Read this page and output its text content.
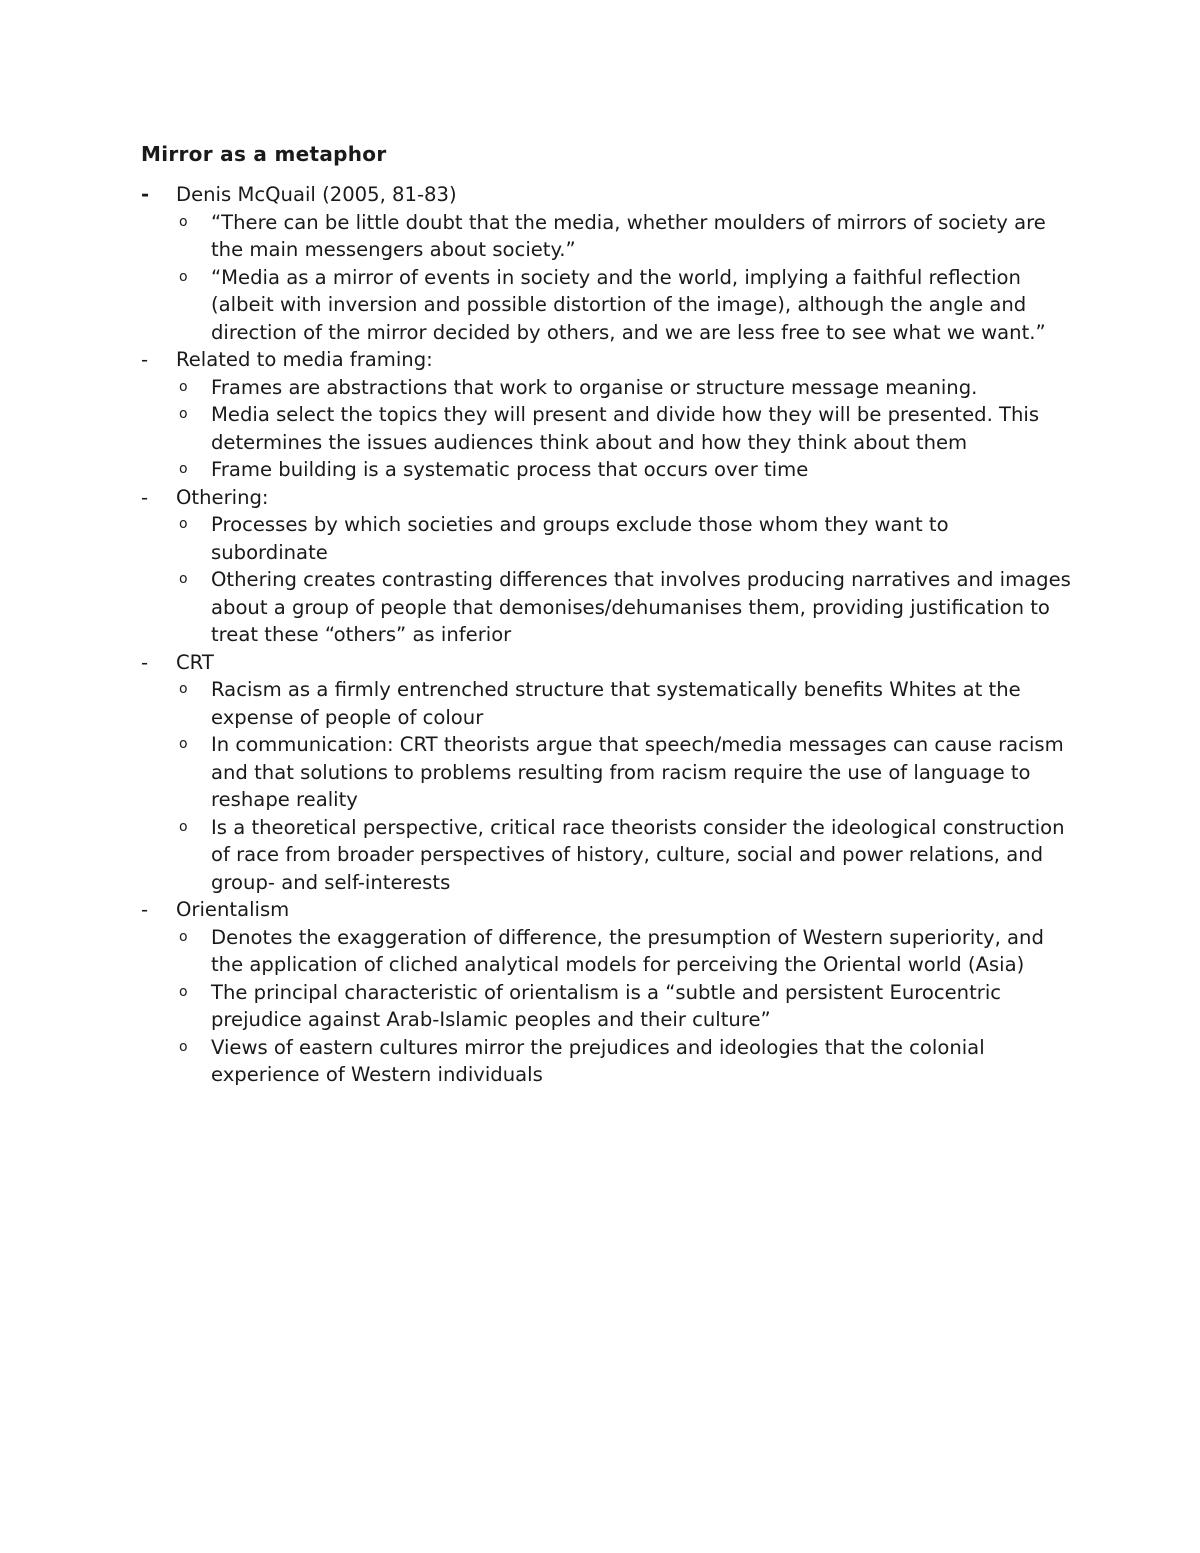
Mirror as a metaphor
-	Denis McQuail (2005, 81-83)
o “There can be little doubt that the media, whether moulders of mirrors of society are the main messengers about society.”
o “Media as a mirror of events in society and the world, implying a faithful reflection (albeit with inversion and possible distortion of the image), although the angle and direction of the mirror decided by others, and we are less free to see what we want.”
-	Related to media framing:
o Frames are abstractions that work to organise or structure message meaning.
o Media select the topics they will present and divide how they will be presented. This determines the issues audiences think about and how they think about them
o Frame building is a systematic process that occurs over time
-	Othering:
o Processes by which societies and groups exclude those whom they want to subordinate
o Othering creates contrasting differences that involves producing narratives and images about a group of people that demonises/dehumanises them, providing justification to treat these “others” as inferior
-	CRT
o Racism as a firmly entrenched structure that systematically benefits Whites at the expense of people of colour
o In communication: CRT theorists argue that speech/media messages can cause racism and that solutions to problems resulting from racism require the use of language to reshape reality
o Is a theoretical perspective, critical race theorists consider the ideological construction of race from broader perspectives of history, culture, social and power relations, and group- and self-interests
-	Orientalism
o Denotes the exaggeration of difference, the presumption of Western superiority, and the application of cliched analytical models for perceiving the Oriental world (Asia)
o The principal characteristic of orientalism is a “subtle and persistent Eurocentric prejudice against Arab-Islamic peoples and their culture”
o Views of eastern cultures mirror the prejudices and ideologies that the colonial experience of Western individuals
